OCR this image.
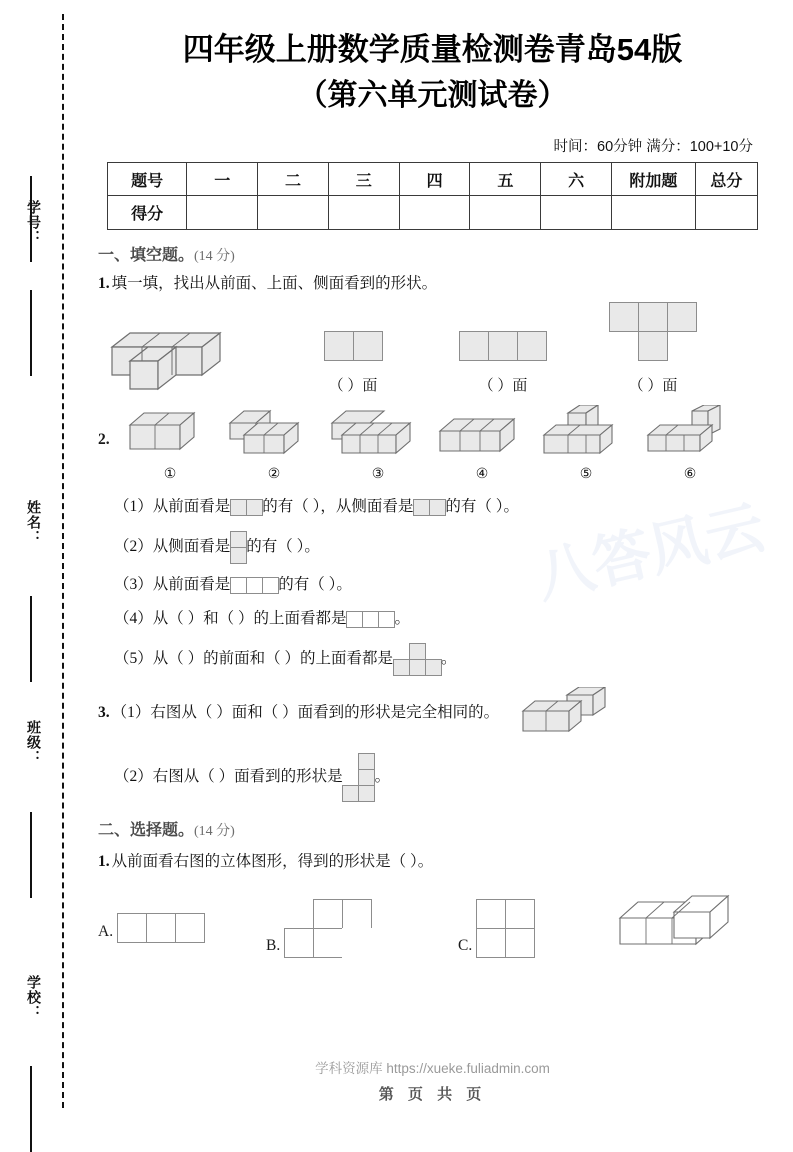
学号：
姓名：
班级：
学校：
四年级上册数学质量检测卷青岛54版
（第六单元测试卷）
时间：60分钟 满分：100+10分
题号	一	二	三	四	五	六	附加题	总分
得分								
一、填空题。(14 分)
1. 填一填，找出从前面、上面、侧面看到的形状。
（ ）面	（ ）面	（ ）面
2.
①	②	③	④	⑤	⑥
（1） 从前面看是 的有（ ），从侧面看是 的有（ ）。
（2） 从侧面看是 的有（ ）。
（3） 从前面看是	的有（ ）。
（4） 从（ ）和（ ）的上面看都是	。
（5） 从（ ）的前面和（ ）的上面看都是	。
3. （1） 右图从（ ）面和（ ）面看到的形状是完全相同的。
（2） 右图从（ ）面看到的形状是 。
二、选择题。(14 分)
1. 从前面看右图的立体图形，得到的形状是（ ）。
A.
B.	C.
八答风云
学科资源库 https://xueke.fuliadmin.com
第 页 共 页
